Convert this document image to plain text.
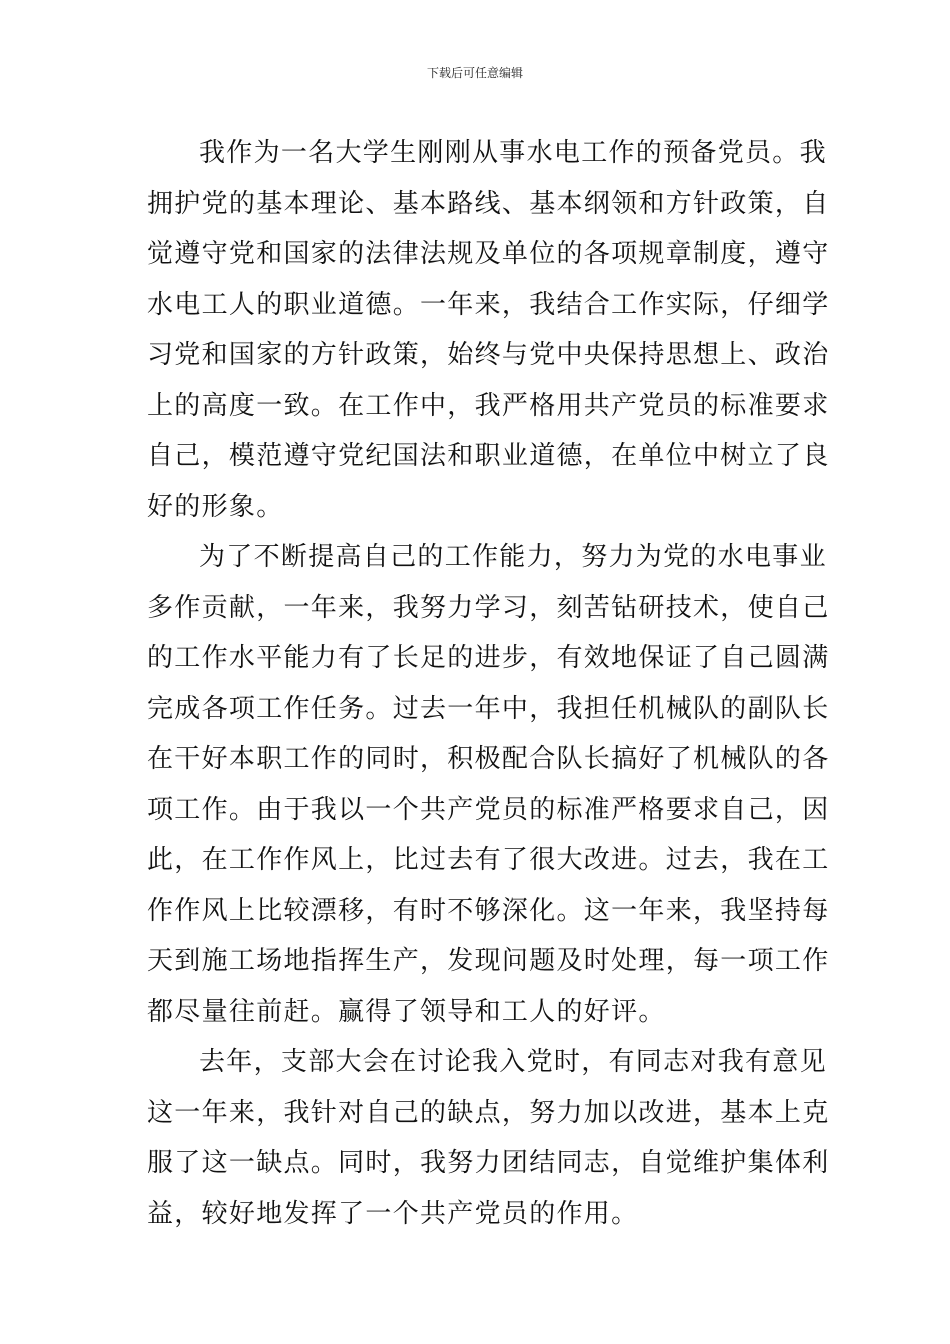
下载后可任意编辑

我作为一名大学生刚刚从事水电工作的预备党员。我
拥护党的基本理论、基本路线、基本纲领和方针政策，自
觉遵守党和国家的法律法规及单位的各项规章制度，遵守
水电工人的职业道德。一年来，我结合工作实际，仔细学
习党和国家的方针政策，始终与党中央保持思想上、政治
上的高度一致。在工作中，我严格用共产党员的标准要求
自己，模范遵守党纪国法和职业道德，在单位中树立了良
好的形象。

为了不断提高自己的工作能力，努力为党的水电事业
多作贡献，一年来，我努力学习，刻苦钻研技术，使自己
的工作水平能力有了长足的进步，有效地保证了自己圆满
完成各项工作任务。过去一年中，我担任机械队的副队长
在干好本职工作的同时，积极配合队长搞好了机械队的各
项工作。由于我以一个共产党员的标准严格要求自己，因
此，在工作作风上，比过去有了很大改进。过去，我在工
作作风上比较漂移，有时不够深化。这一年来，我坚持每
天到施工场地指挥生产，发现问题及时处理，每一项工作
都尽量往前赶。赢得了领导和工人的好评。

去年，支部大会在讨论我入党时，有同志对我有意见
这一年来，我针对自己的缺点，努力加以改进，基本上克
服了这一缺点。同时，我努力团结同志，自觉维护集体利
益，较好地发挥了一个共产党员的作用。
